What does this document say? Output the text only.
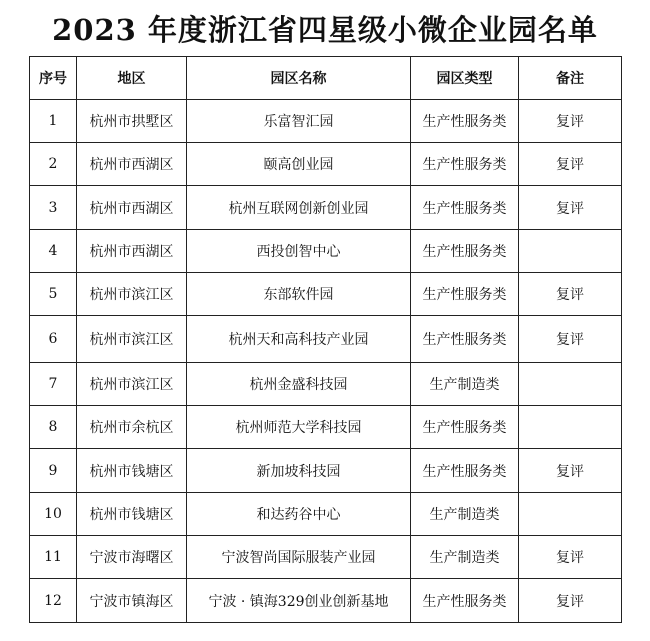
2023 年度浙江省四星级小微企业园名单
序号	地区	园区名称	园区类型	备注
1	杭州市拱墅区	乐富智汇园	生产性服务类	复评
2	杭州市西湖区	颐高创业园	生产性服务类	复评
3	杭州市西湖区	杭州互联网创新创业园	生产性服务类	复评
4	杭州市西湖区	西投创智中心	生产性服务类	
5	杭州市滨江区	东部软件园	生产性服务类	复评
6	杭州市滨江区	杭州天和高科技产业园	生产性服务类	复评
7	杭州市滨江区	杭州金盛科技园	生产制造类	
8	杭州市余杭区	杭州师范大学科技园	生产性服务类	
9	杭州市钱塘区	新加坡科技园	生产性服务类	复评
10	杭州市钱塘区	和达药谷中心	生产制造类	
11	宁波市海曙区	宁波智尚国际服装产业园	生产制造类	复评
12	宁波市镇海区	宁波 · 镇海329创业创新基地	生产性服务类	复评
